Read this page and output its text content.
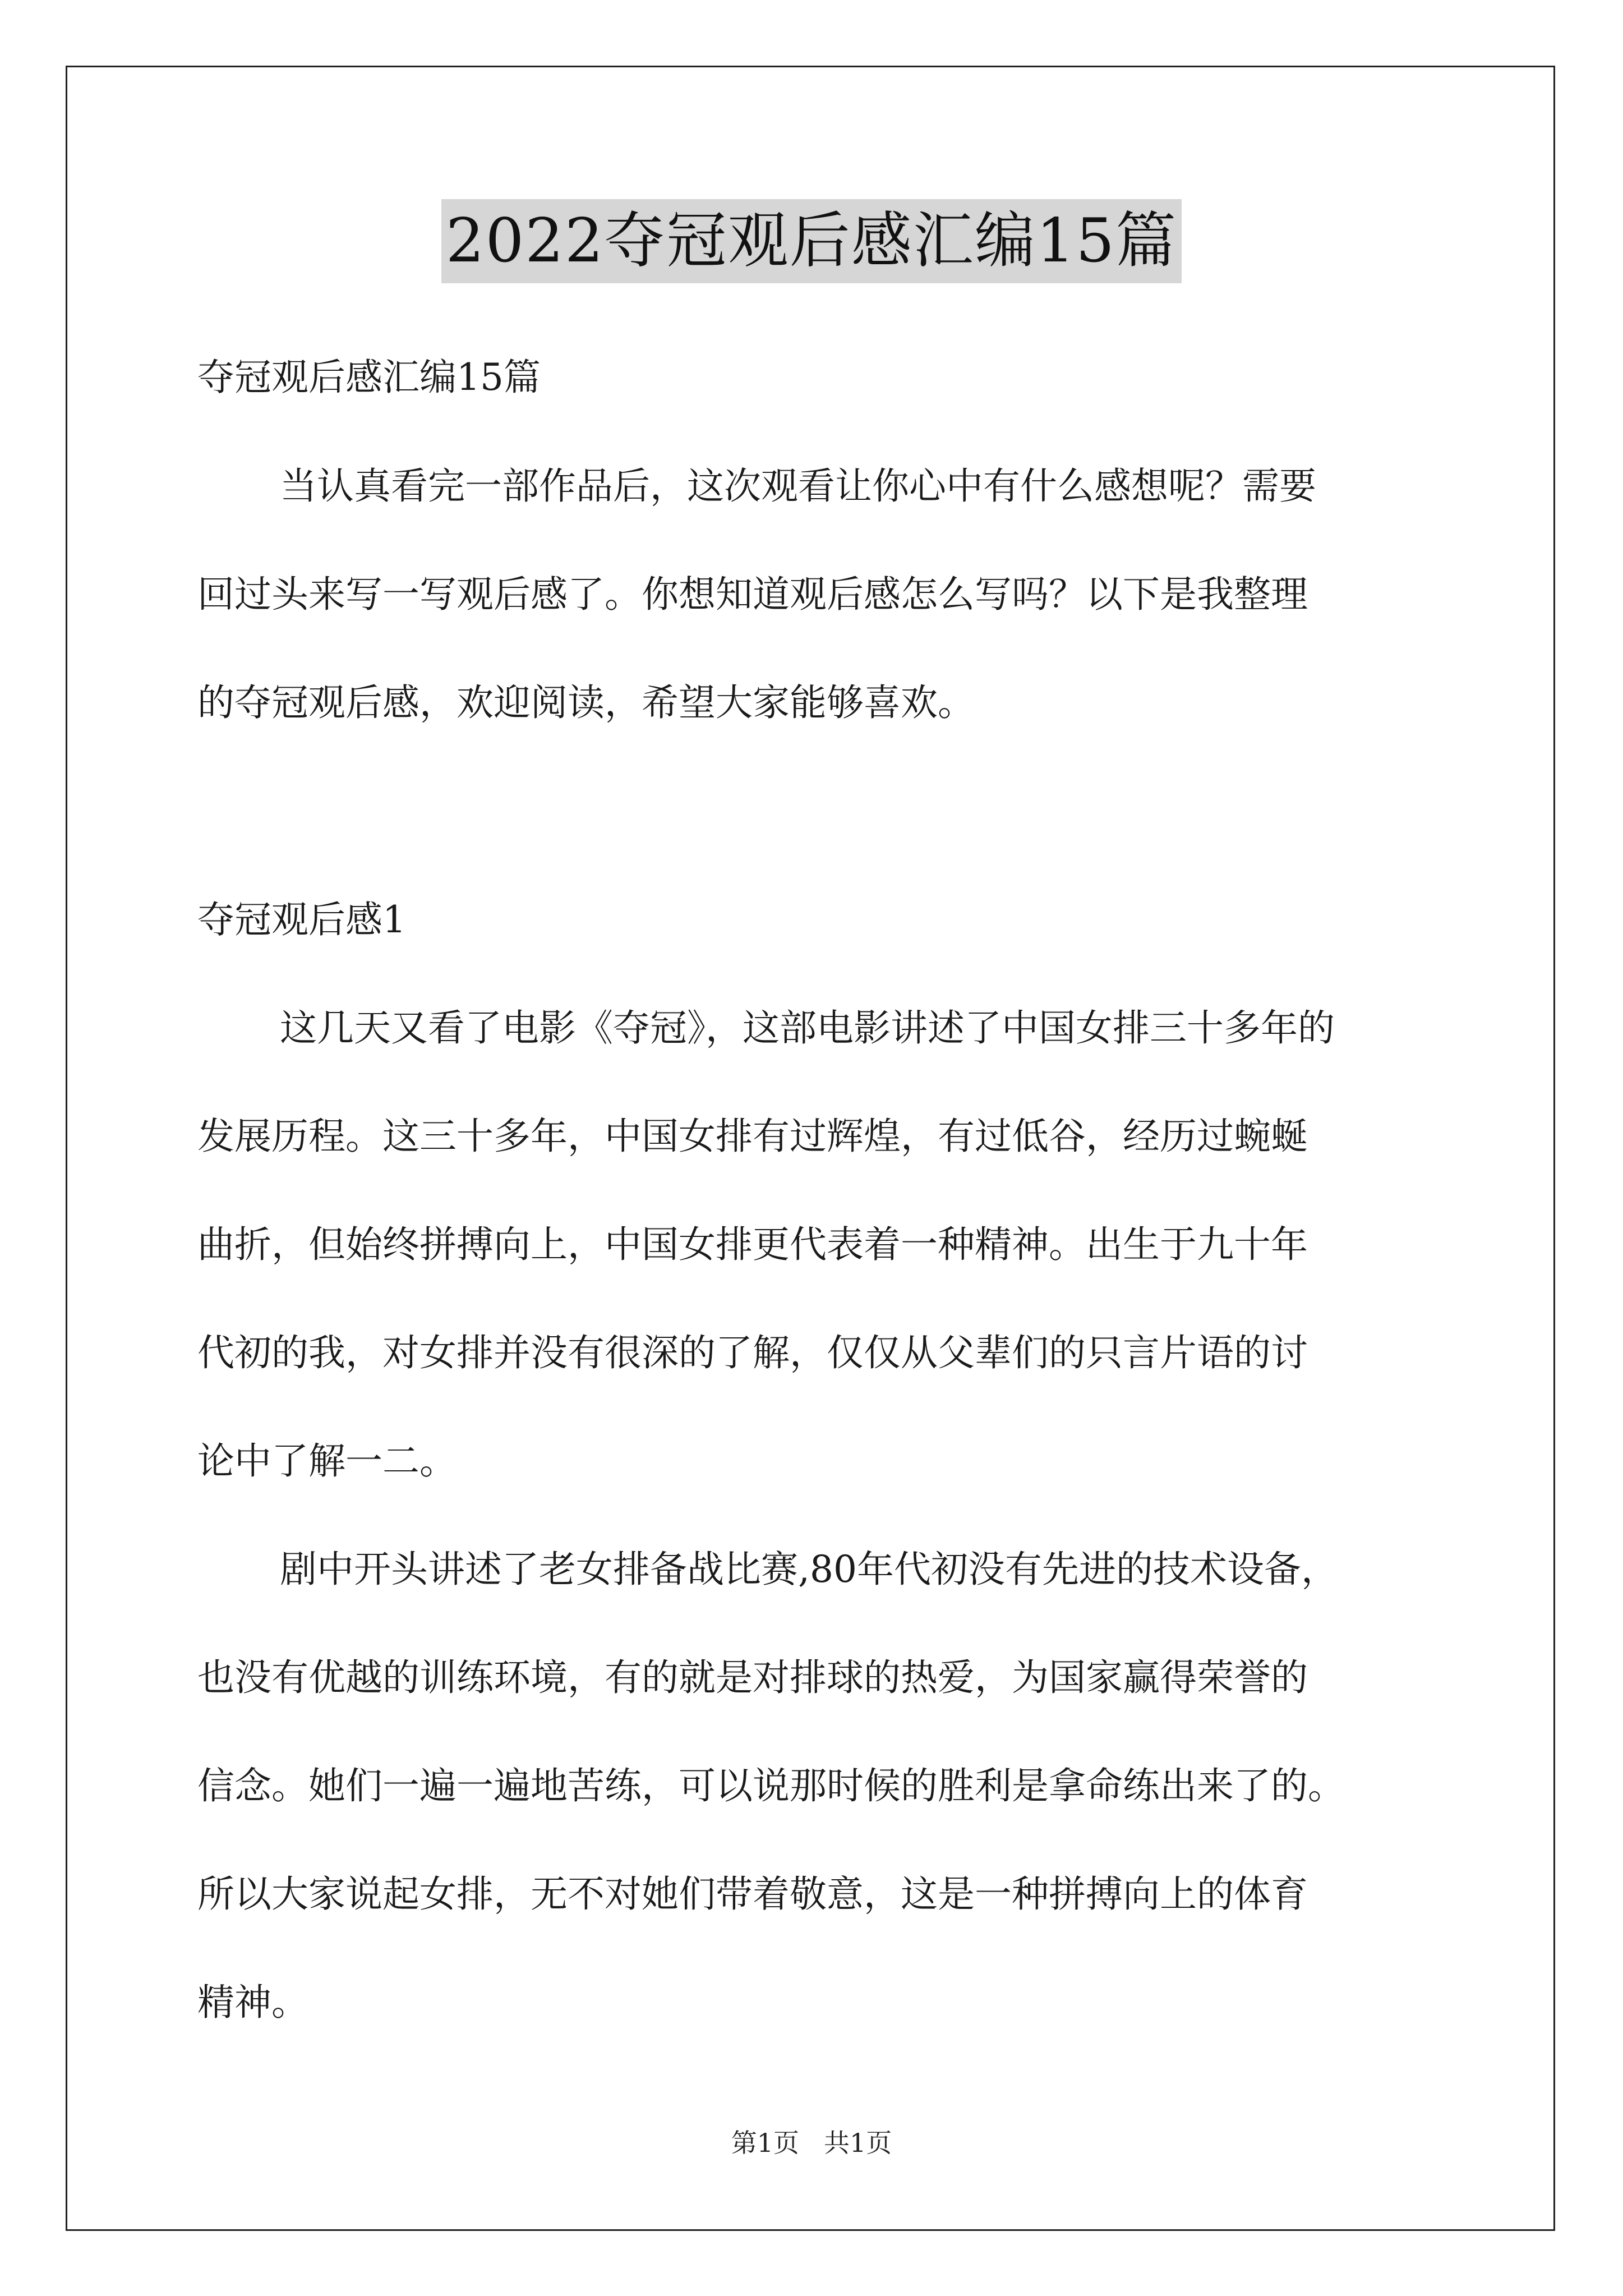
2022夺冠观后感汇编15篇
夺冠观后感汇编15篇
当认真看完一部作品后，这次观看让你心中有什么感想呢？需要
回过头来写一写观后感了。你想知道观后感怎么写吗？以下是我整理
的夺冠观后感，欢迎阅读，希望大家能够喜欢。
夺冠观后感1
这几天又看了电影《夺冠》，这部电影讲述了中国女排三十多年的
发展历程。这三十多年，中国女排有过辉煌，有过低谷，经历过蜿蜒
曲折，但始终拼搏向上，中国女排更代表着一种精神。出生于九十年
代初的我，对女排并没有很深的了解，仅仅从父辈们的只言片语的讨
论中了解一二。
剧中开头讲述了老女排备战比赛,80年代初没有先进的技术设备，
也没有优越的训练环境，有的就是对排球的热爱，为国家赢得荣誉的
信念。她们一遍一遍地苦练，可以说那时候的胜利是拿命练出来了的。
所以大家说起女排，无不对她们带着敬意，这是一种拼搏向上的体育
精神。
第1页 共1页
